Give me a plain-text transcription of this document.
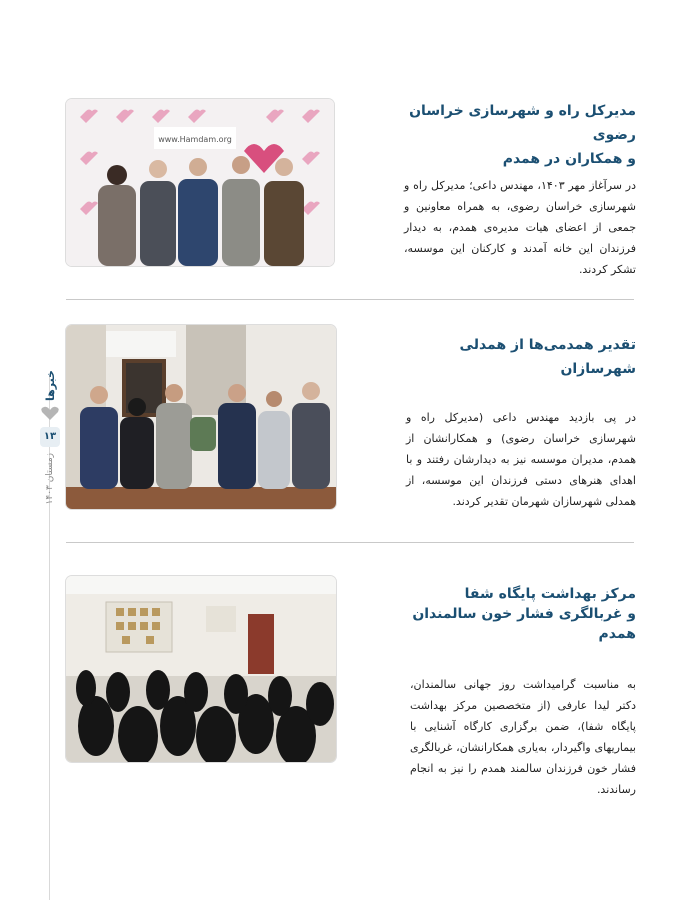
خبرها
۱۳
زمستان ۱۴۰۳
www.Hamdam.org
مدیرکل راه و شهرسازی خراسان رضوی
و همکاران در همدم

در سرآغاز مهر ۱۴۰۳، مهندس داعی؛ مدیرکل راه و شهرسازی خراسان رضوی، به همراه معاونین و جمعی از اعضای هیات مدیره‌ی همدم، به دیدار فرزندان این خانه آمدند و کارکنان این موسسه، تشکر کردند.

تقدیر همدمی‌ها از همدلی شهرسازان

در پی بازدید مهندس داعی (مدیرکل راه و شهرسازی خراسان رضوی) و همکارانشان از همدم، مدیران موسسه نیز به دیدارشان رفتند و با اهدای هنرهای دستی فرزندان این موسسه، از همدلی شهرسازان شهرمان تقدیر کردند.

مرکز بهداشت پایگاه شفا
و غربالگری فشار خون سالمندان همدم

به مناسبت گرامیداشت روز جهانی سالمندان، دکتر لیدا عارفی (از متخصصین مرکز بهداشت پایگاه شفا)، ضمن برگزاری کارگاه آشنایی با بیماریهای واگیردار، به‌یاری همکارانشان، غربالگری فشار خون فرزندان سالمند همدم را نیز به انجام رساندند.
